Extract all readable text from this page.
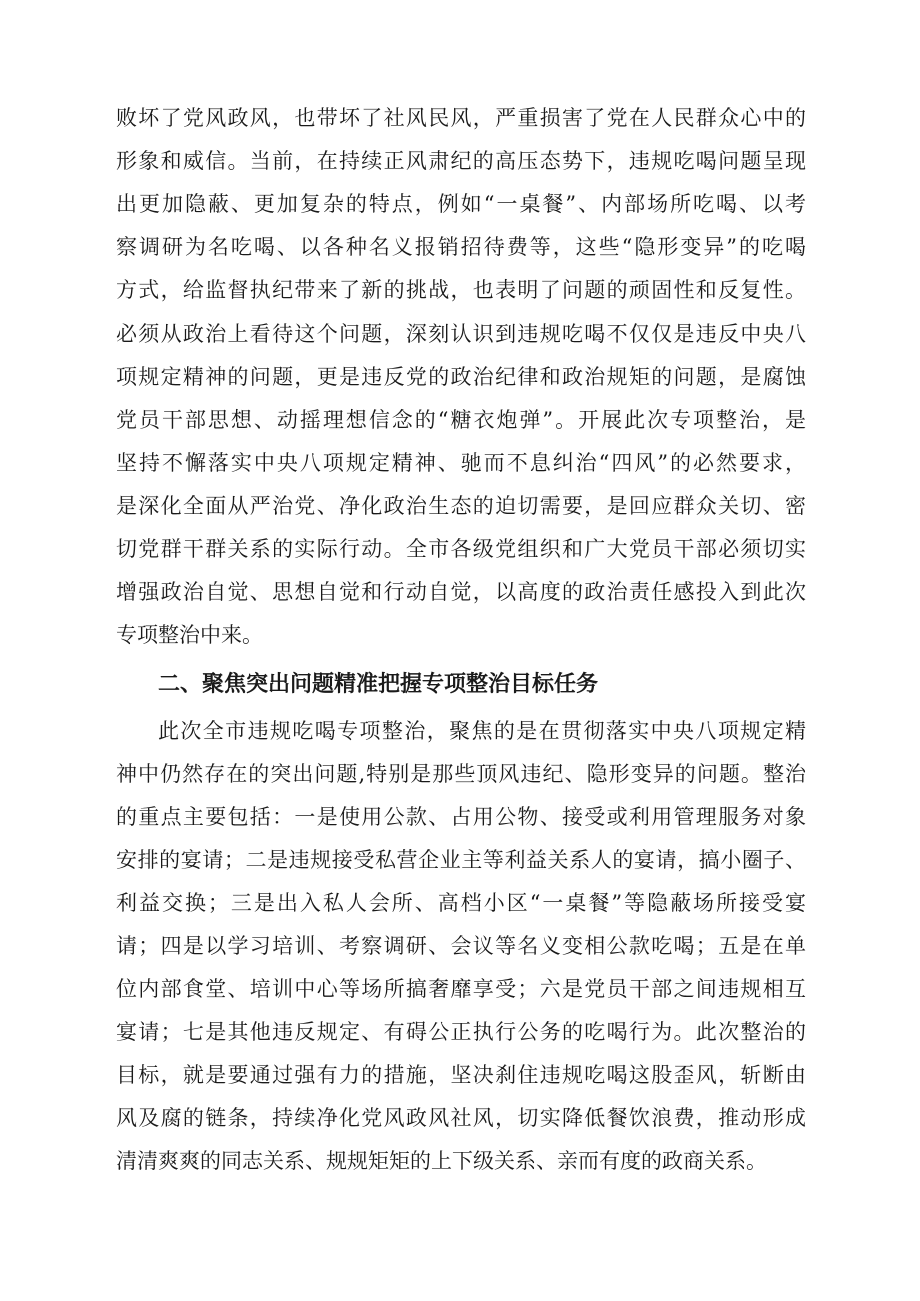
败坏了党风政风，也带坏了社风民风，严重损害了党在人民群众心中的
形象和威信。当前，在持续正风肃纪的高压态势下，违规吃喝问题呈现
出更加隐蔽、更加复杂的特点，例如“一桌餐”、内部场所吃喝、以考
察调研为名吃喝、以各种名义报销招待费等，这些“隐形变异”的吃喝
方式，给监督执纪带来了新的挑战，也表明了问题的顽固性和反复性。
必须从政治上看待这个问题，深刻认识到违规吃喝不仅仅是违反中央八
项规定精神的问题，更是违反党的政治纪律和政治规矩的问题，是腐蚀
党员干部思想、动摇理想信念的“糖衣炮弹”。开展此次专项整治，是
坚持不懈落实中央八项规定精神、驰而不息纠治“四风”的必然要求，
是深化全面从严治党、净化政治生态的迫切需要，是回应群众关切、密
切党群干群关系的实际行动。全市各级党组织和广大党员干部必须切实
增强政治自觉、思想自觉和行动自觉，以高度的政治责任感投入到此次
专项整治中来。
二、聚焦突出问题精准把握专项整治目标任务
此次全市违规吃喝专项整治，聚焦的是在贯彻落实中央八项规定精
神中仍然存在的突出问题,特别是那些顶风违纪、隐形变异的问题。整治
的重点主要包括：一是使用公款、占用公物、接受或利用管理服务对象
安排的宴请；二是违规接受私营企业主等利益关系人的宴请，搞小圈子、
利益交换；三是出入私人会所、高档小区“一桌餐”等隐蔽场所接受宴
请；四是以学习培训、考察调研、会议等名义变相公款吃喝；五是在单
位内部食堂、培训中心等场所搞奢靡享受；六是党员干部之间违规相互
宴请；七是其他违反规定、有碍公正执行公务的吃喝行为。此次整治的
目标，就是要通过强有力的措施，坚决刹住违规吃喝这股歪风，斩断由
风及腐的链条，持续净化党风政风社风，切实降低餐饮浪费，推动形成
清清爽爽的同志关系、规规矩矩的上下级关系、亲而有度的政商关系。
